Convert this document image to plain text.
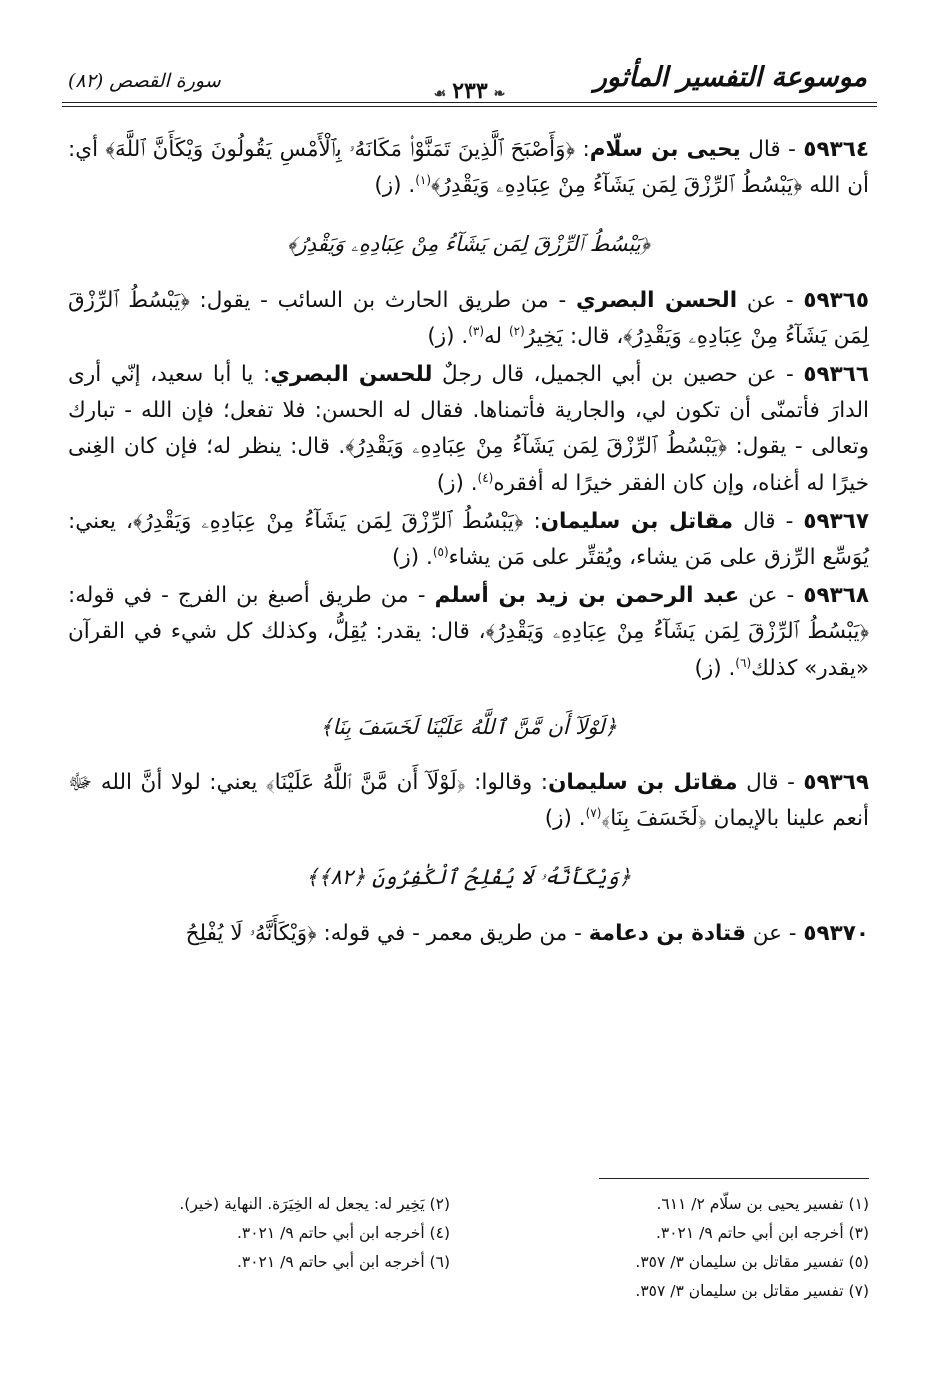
موسوعة التفسير المأثور
❧٢٣٣☙
سورة القصص (٨٢)

٥٩٣٦٤ - قال يحيى بن سلّام: ﴿وَأَصْبَحَ ٱلَّذِينَ تَمَنَّوْا۟ مَكَانَهُۥ بِٱلْأَمْسِ يَقُولُونَ وَيْكَأَنَّ ٱللَّهَ﴾ أي: أن الله ﴿يَبْسُطُ ٱلرِّزْقَ لِمَن يَشَآءُ مِنْ عِبَادِهِۦ وَيَقْدِرُ﴾$^{(١)}$. (ز)

﴿يَبْسُطُ ٱلرِّزْقَ لِمَن يَشَآءُ مِنْ عِبَادِهِۦ وَيَقْدِرُ﴾

٥٩٣٦٥ - عن الحسن البصري - من طريق الحارث بن السائب - يقول: ﴿يَبْسُطُ ٱلرِّزْقَ لِمَن يَشَآءُ مِنْ عِبَادِهِۦ وَيَقْدِرُ﴾، قال: يَخِيرُ$^{(٢)}$ له$^{(٣)}$. (ز)

٥٩٣٦٦ - عن حصين بن أبي الجميل، قال رجلٌ للحسن البصري: يا أبا سعيد، إنّي أرى الدارَ فأتمنّى أن تكون لي، والجارية فأتمناها. فقال له الحسن: فلا تفعل؛ فإن الله - تبارك وتعالى - يقول: ﴿يَبْسُطُ ٱلرِّزْقَ لِمَن يَشَآءُ مِنْ عِبَادِهِۦ وَيَقْدِرُ﴾. قال: ينظر له؛ فإن كان الغِنى خيرًا له أغناه، وإن كان الفقر خيرًا له أفقره$^{(٤)}$. (ز)

٥٩٣٦٧ - قال مقاتل بن سليمان: ﴿يَبْسُطُ ٱلرِّزْقَ لِمَن يَشَآءُ مِنْ عِبَادِهِۦ وَيَقْدِرُ﴾، يعني: يُوَسِّع الرِّزق على مَن يشاء، ويُقتِّر على مَن يشاء$^{(٥)}$. (ز)

٥٩٣٦٨ - عن عبد الرحمن بن زيد بن أسلم - من طريق أصبغ بن الفرج - في قوله: ﴿يَبْسُطُ ٱلرِّزْقَ لِمَن يَشَآءُ مِنْ عِبَادِهِۦ وَيَقْدِرُ﴾، قال: يقدر: يُقِلُّ، وكذلك كل شيء في القرآن «يقدر» كذلك$^{(٦)}$. (ز)

﴿لَوْلَآ أَن مَّنَّ ٱللَّهُ عَلَيْنَا لَخَسَفَ بِنَا﴾

٥٩٣٦٩ - قال مقاتل بن سليمان: وقالوا: ﴿لَوْلَآ أَن مَّنَّ ٱللَّهُ عَلَيْنَا﴾ يعني: لولا أنَّ الله ﷻ أنعم علينا بالإيمان ﴿لَخَسَفَ بِنَا﴾$^{(٧)}$. (ز)

﴿وَيْكَأَنَّهُۥ لَا يُفْلِحُ ٱلْكَٰفِرُونَ ﴿٨٢﴾﴾

٥٩٣٧٠ - عن قتادة بن دعامة - من طريق معمر - في قوله: ﴿وَيْكَأَنَّهُۥ لَا يُفْلِحُ

(١) تفسير يحيى بن سلّام ٢/ ٦١١.
(٣) أخرجه ابن أبي حاتم ٩/ ٣٠٢١.
(٥) تفسير مقاتل بن سليمان ٣/ ٣٥٧.
(٧) تفسير مقاتل بن سليمان ٣/ ٣٥٧.
(٢) يَخِير له: يجعل له الخِيَرَة. النهاية (خير).
(٤) أخرجه ابن أبي حاتم ٩/ ٣٠٢١.
(٦) أخرجه ابن أبي حاتم ٩/ ٣٠٢١.
